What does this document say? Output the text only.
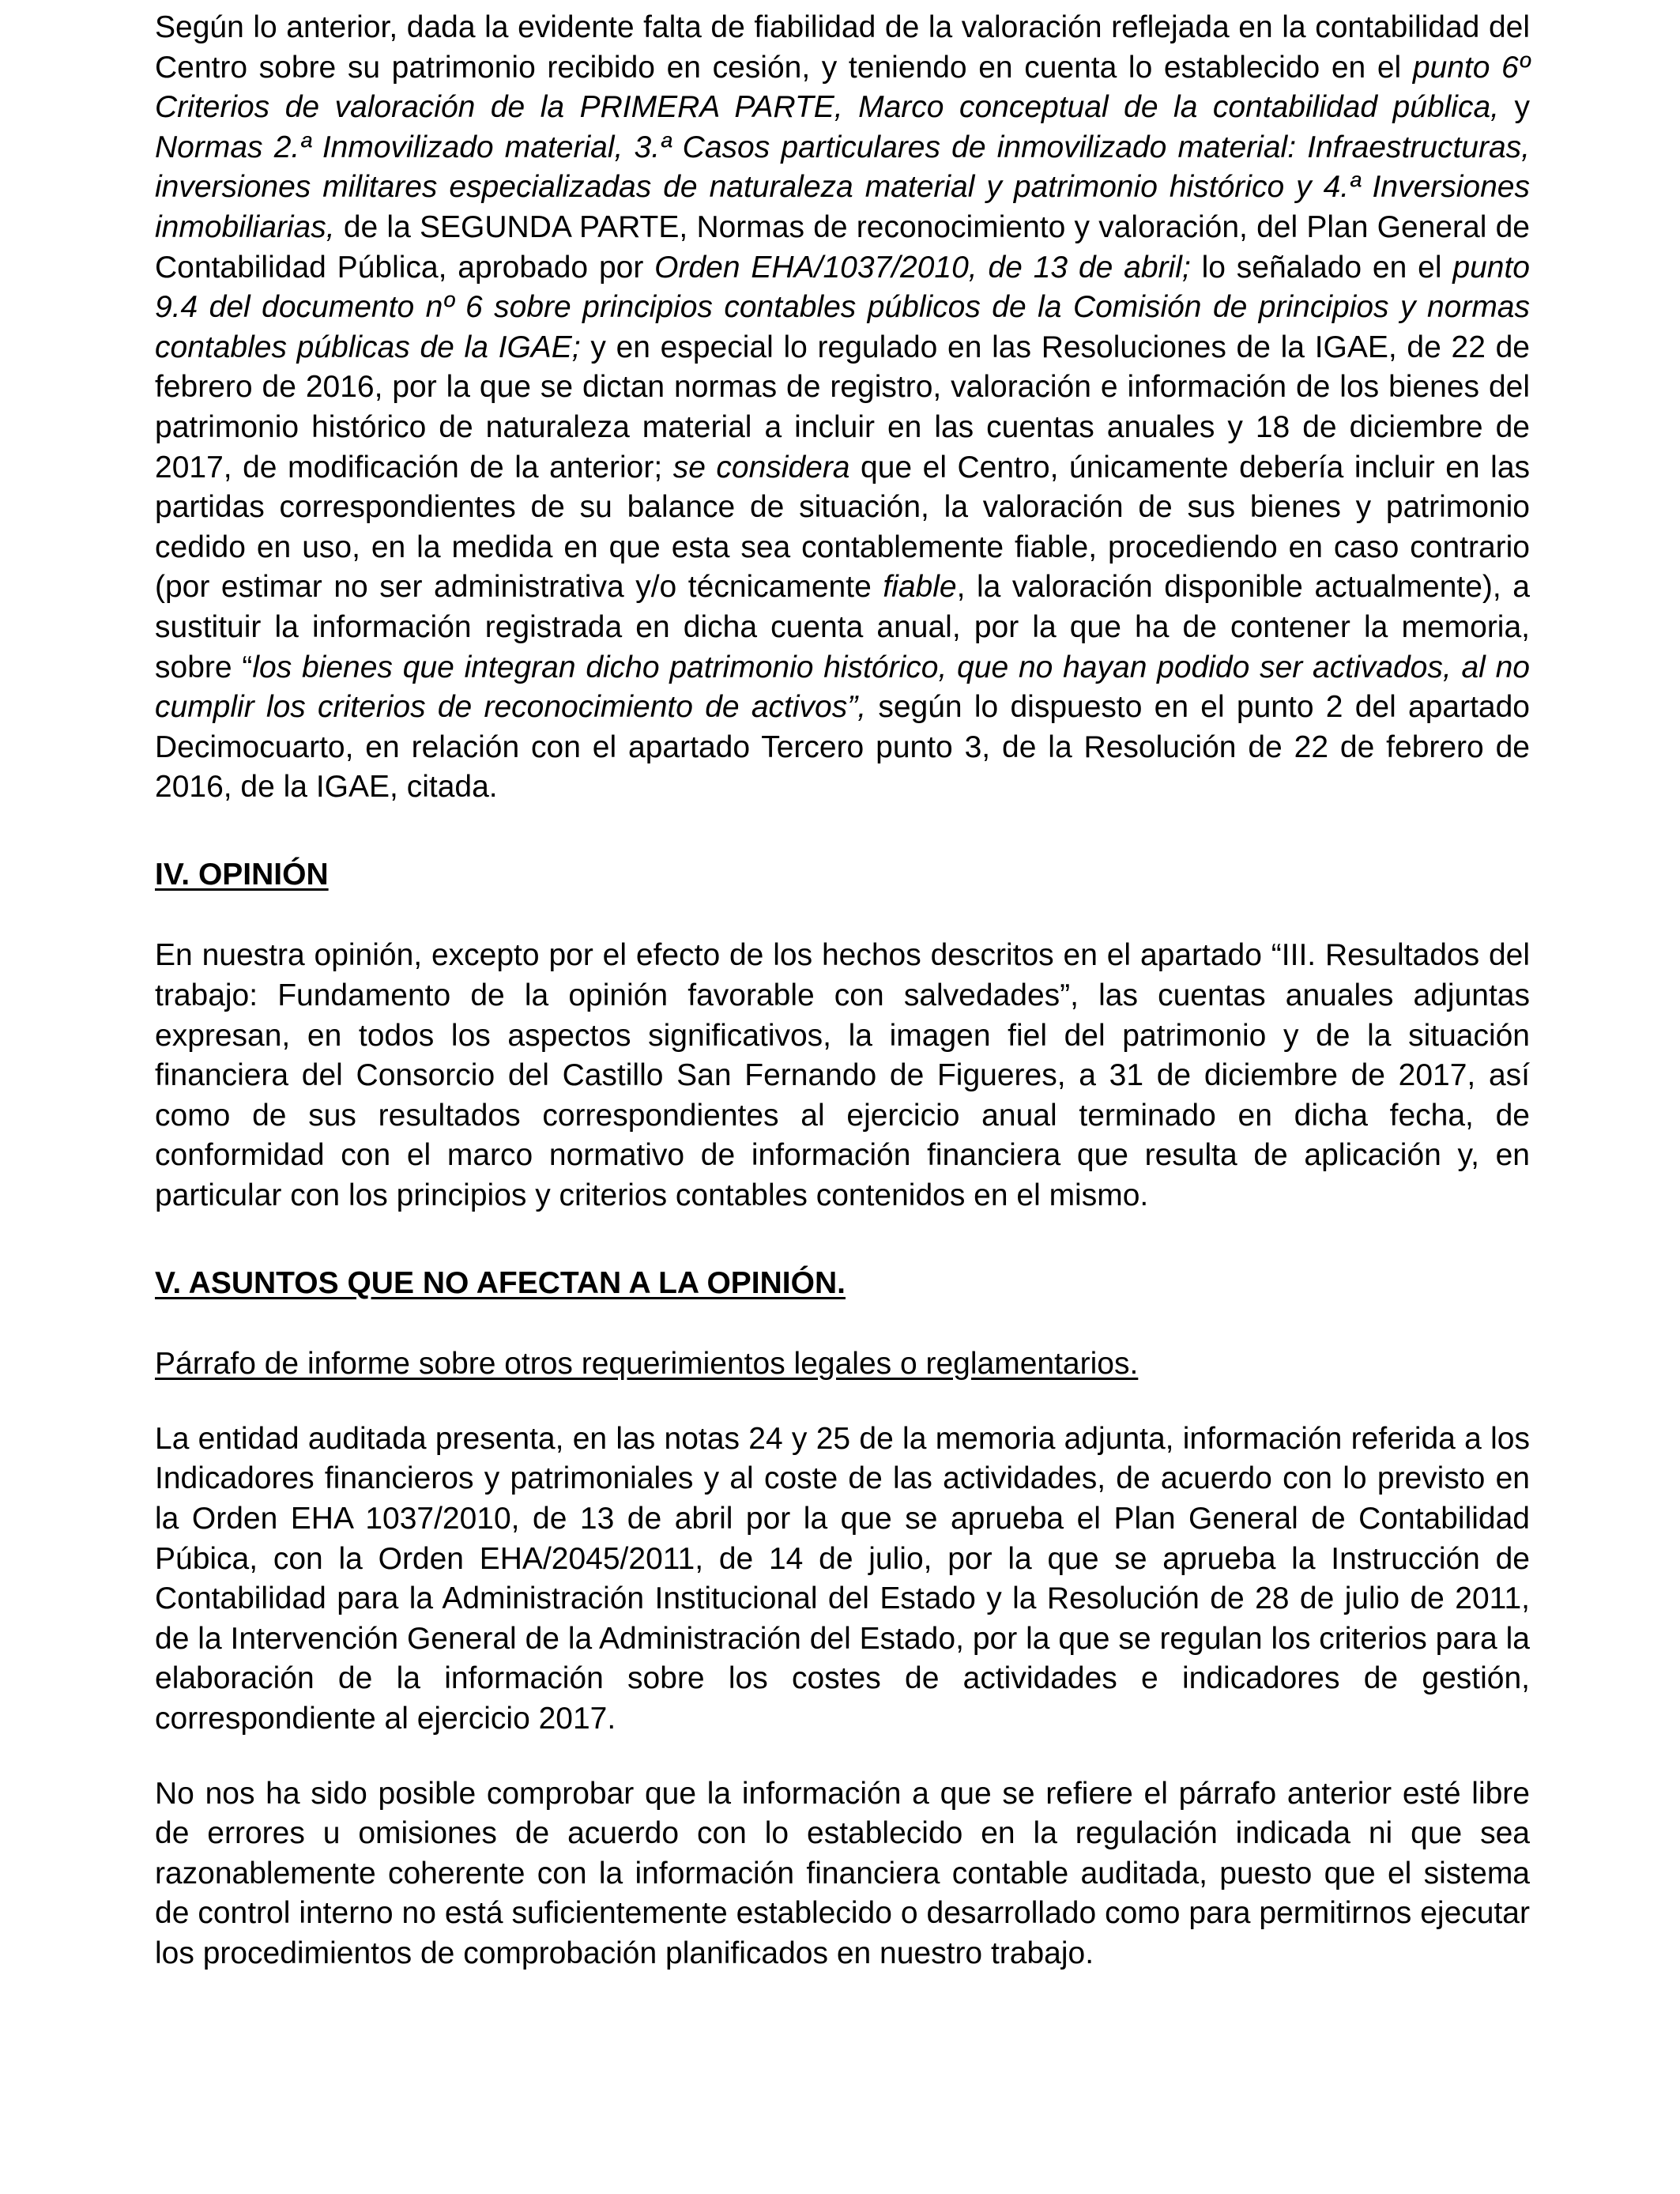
Según lo anterior, dada la evidente falta de fiabilidad de la valoración reflejada en la contabilidad del Centro sobre su patrimonio recibido en cesión, y teniendo en cuenta lo establecido en el punto 6º Criterios de valoración de la PRIMERA PARTE, Marco conceptual de la contabilidad pública, y Normas 2.ª Inmovilizado material, 3.ª Casos particulares de inmovilizado material: Infraestructuras, inversiones militares especializadas de naturaleza material y patrimonio histórico y 4.ª Inversiones inmobiliarias, de la SEGUNDA PARTE, Normas de reconocimiento y valoración, del Plan General de Contabilidad Pública, aprobado por Orden EHA/1037/2010, de 13 de abril; lo señalado en el punto 9.4 del documento nº 6 sobre principios contables públicos de la Comisión de principios y normas contables públicas de la IGAE; y en especial lo regulado en las Resoluciones de la IGAE, de 22 de febrero de 2016, por la que se dictan normas de registro, valoración e información de los bienes del patrimonio histórico de naturaleza material a incluir en las cuentas anuales y 18 de diciembre de 2017, de modificación de la anterior; se considera que el Centro, únicamente debería incluir en las partidas correspondientes de su balance de situación, la valoración de sus bienes y patrimonio cedido en uso, en la medida en que esta sea contablemente fiable, procediendo en caso contrario (por estimar no ser administrativa y/o técnicamente fiable, la valoración disponible actualmente), a sustituir la información registrada en dicha cuenta anual, por la que ha de contener la memoria, sobre “los bienes que integran dicho patrimonio histórico, que no hayan podido ser activados, al no cumplir los criterios de reconocimiento de activos”, según lo dispuesto en el punto 2 del apartado Decimocuarto, en relación con el apartado Tercero punto 3, de la Resolución de 22 de febrero de 2016, de la IGAE, citada.

IV. OPINIÓN

En nuestra opinión, excepto por el efecto de los hechos descritos en el apartado “III. Resultados del trabajo: Fundamento de la opinión favorable con salvedades”, las cuentas anuales adjuntas expresan, en todos los aspectos significativos, la imagen fiel del patrimonio y de la situación financiera del Consorcio del Castillo San Fernando de Figueres, a 31 de diciembre de 2017, así como de sus resultados correspondientes al ejercicio anual terminado en dicha fecha, de conformidad con el marco normativo de información financiera que resulta de aplicación y, en particular con los principios y criterios contables contenidos en el mismo.

V. ASUNTOS QUE NO AFECTAN A LA OPINIÓN.
Párrafo de informe sobre otros requerimientos legales o reglamentarios.

La entidad auditada presenta, en las notas 24 y 25 de la memoria adjunta, información referida a los Indicadores financieros y patrimoniales y al coste de las actividades, de acuerdo con lo previsto en la Orden EHA 1037/2010, de 13 de abril por la que se aprueba el Plan General de Contabilidad Púbica, con la Orden EHA/2045/2011, de 14 de julio, por la que se aprueba la Instrucción de Contabilidad para la Administración Institucional del Estado y la Resolución de 28 de julio de 2011, de la Intervención General de la Administración del Estado, por la que se regulan los criterios para la elaboración de la información sobre los costes de actividades e indicadores de gestión, correspondiente al ejercicio 2017.

No nos ha sido posible comprobar que la información a que se refiere el párrafo anterior esté libre de errores u omisiones de acuerdo con lo establecido en la regulación indicada ni que sea razonablemente coherente con la información financiera contable auditada, puesto que el sistema de control interno no está suficientemente establecido o desarrollado como para permitirnos ejecutar los procedimientos de comprobación planificados en nuestro trabajo.
